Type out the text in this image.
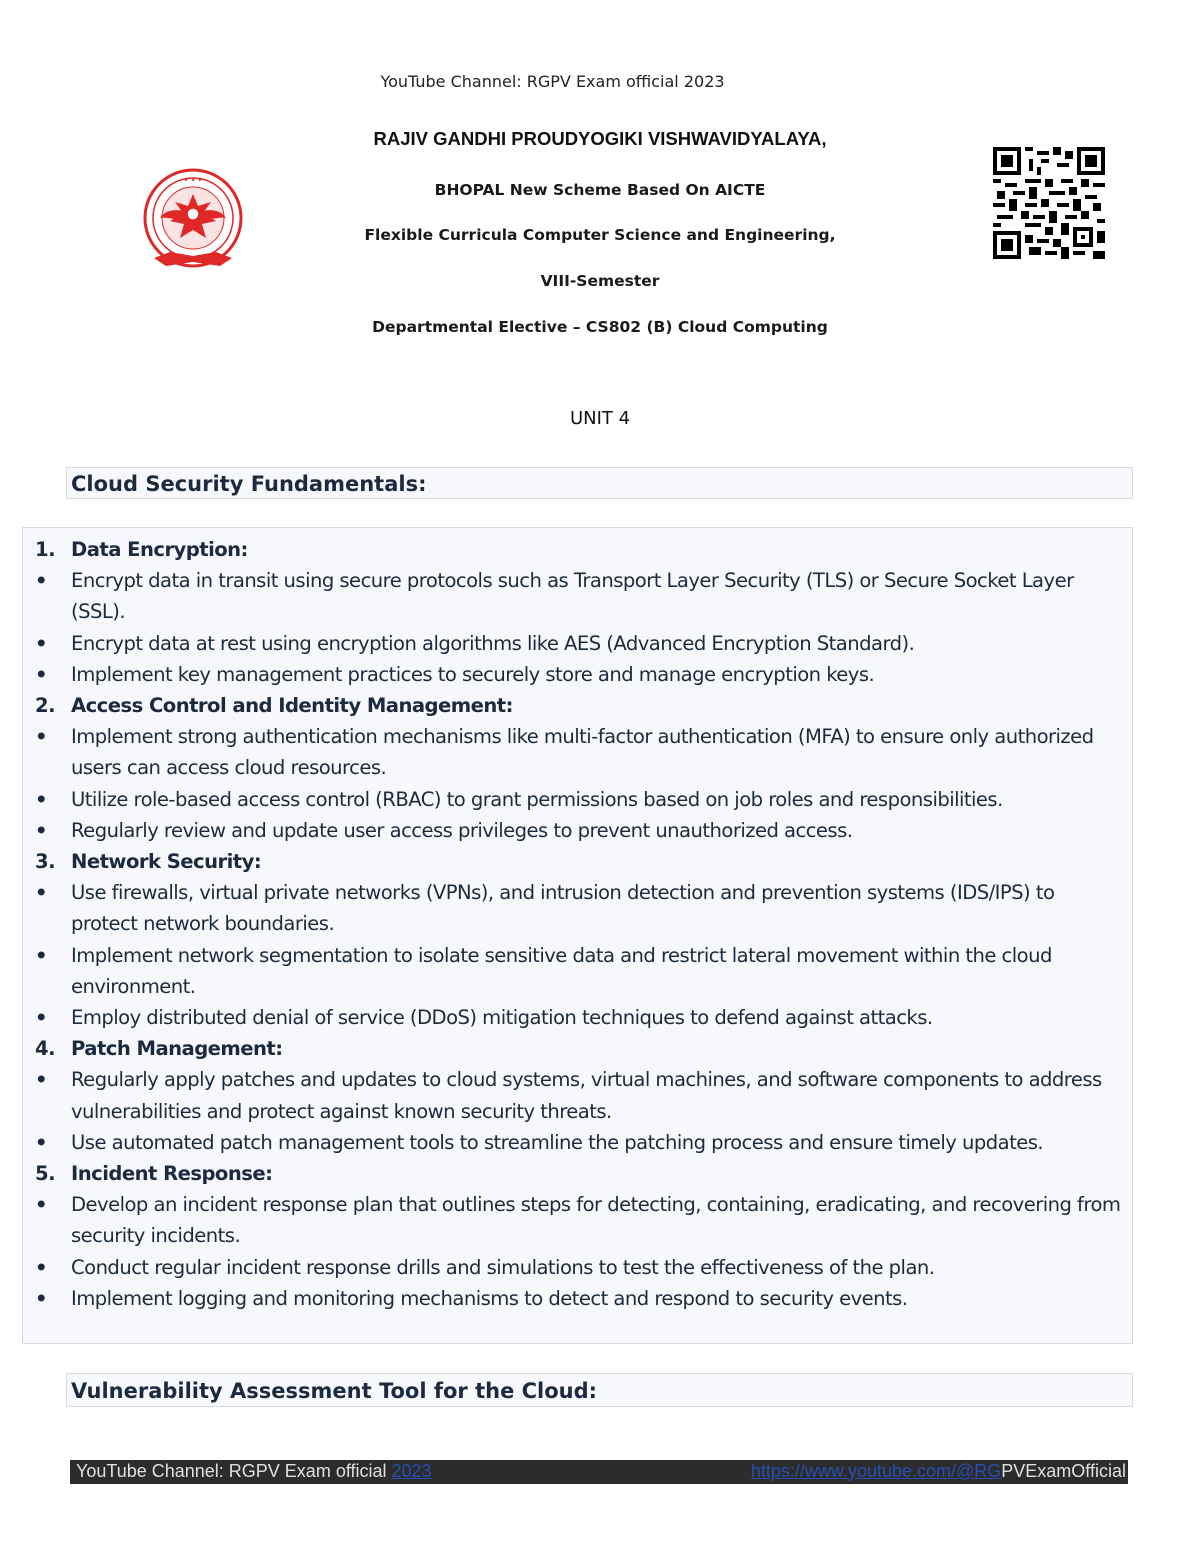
YouTube Channel: RGPV Exam official 2023
RAJIV GANDHI PROUDYOGIKI VISHWAVIDYALAYA,
BHOPAL New Scheme Based On AICTE
Flexible Curricula Computer Science and Engineering,
VIII-Semester
Departmental Elective – CS802 (B) Cloud Computing
UNIT 4
✦ ✦ ✦
Cloud Security Fundamentals:
1. Data Encryption:
• Encrypt data in transit using secure protocols such as Transport Layer Security (TLS) or Secure Socket Layer (SSL).
• Encrypt data at rest using encryption algorithms like AES (Advanced Encryption Standard).
• Implement key management practices to securely store and manage encryption keys.
2. Access Control and Identity Management:
• Implement strong authentication mechanisms like multi-factor authentication (MFA) to ensure only authorized users can access cloud resources.
• Utilize role-based access control (RBAC) to grant permissions based on job roles and responsibilities.
• Regularly review and update user access privileges to prevent unauthorized access.
3. Network Security:
• Use firewalls, virtual private networks (VPNs), and intrusion detection and prevention systems (IDS/IPS) to protect network boundaries.
• Implement network segmentation to isolate sensitive data and restrict lateral movement within the cloud environment.
• Employ distributed denial of service (DDoS) mitigation techniques to defend against attacks.
4. Patch Management:
• Regularly apply patches and updates to cloud systems, virtual machines, and software components to address vulnerabilities and protect against known security threats.
• Use automated patch management tools to streamline the patching process and ensure timely updates.
5. Incident Response:
• Develop an incident response plan that outlines steps for detecting, containing, eradicating, and recovering from security incidents.
• Conduct regular incident response drills and simulations to test the effectiveness of the plan.
• Implement logging and monitoring mechanisms to detect and respond to security events.
Vulnerability Assessment Tool for the Cloud:
YouTube Channel: RGPV Exam official 2023	https://www.youtube.com/@RGPVExamOfficial
